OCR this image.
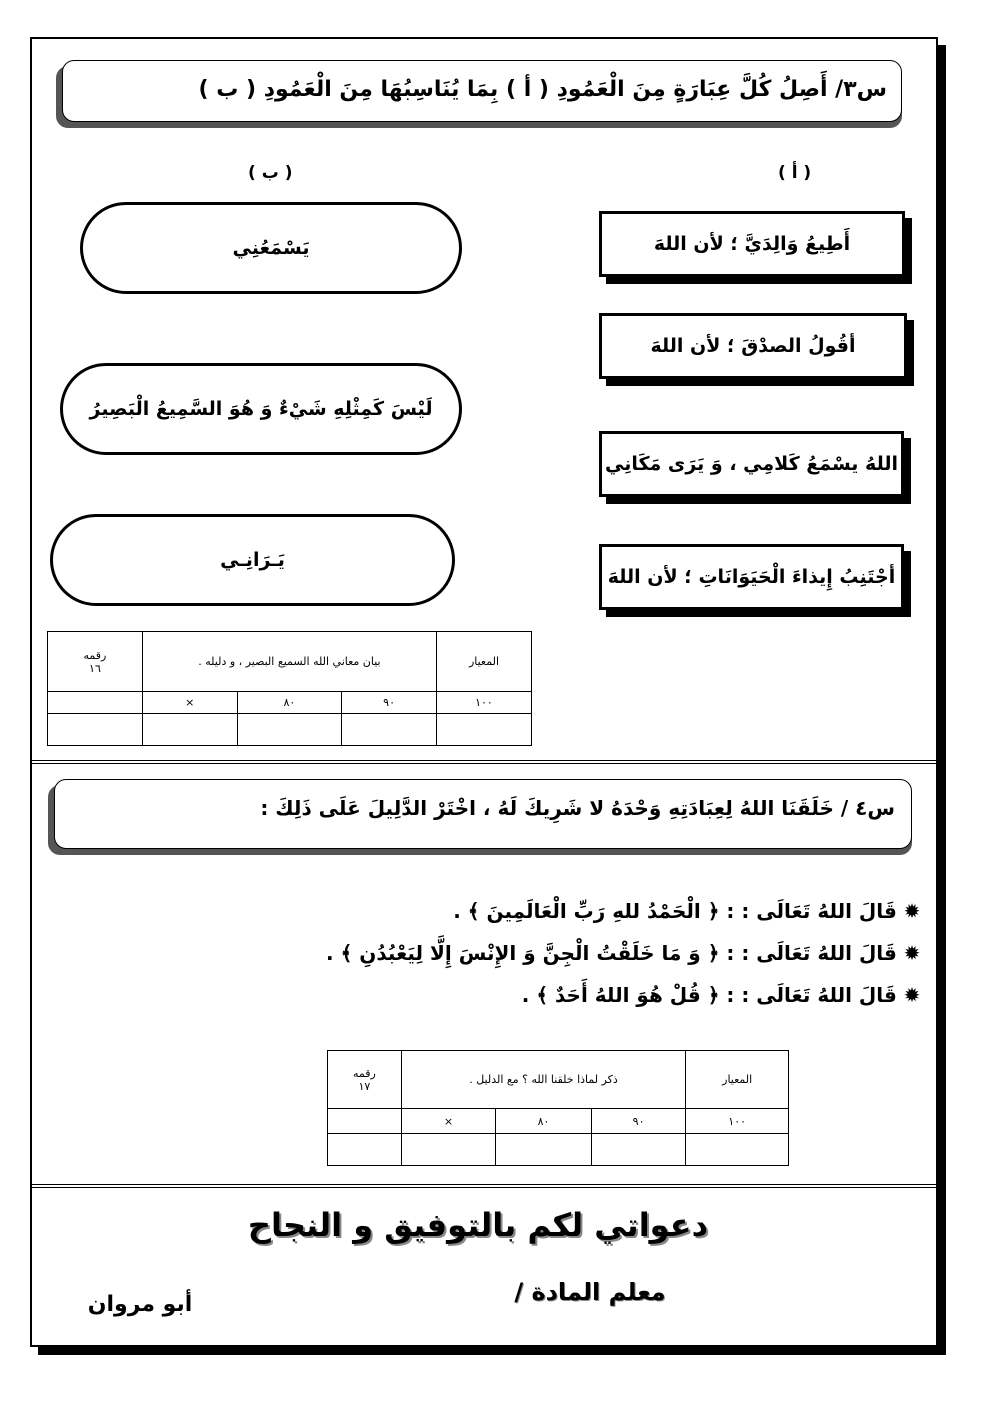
س٣/ أَصِلُ كُلَّ عِبَارَةٍ مِنَ الْعَمُودِ ( أ ) بِمَا يُنَاسِبُهَا مِنَ الْعَمُودِ ( ب )
( أ )
( ب )
أَطِيعُ وَالِدَيَّ ؛ لأن اللهَ
أقُولُ الصدْقَ ؛ لأن اللهَ
اللهُ يسْمَعُ كَلامِي ، وَ يَرَى مَكَانِي
أجْتَنِبُ إِيذاءَ الْحَيَوَانَاتِ ؛ لأن اللهَ
يَسْمَعُنِي
لَيْسَ كَمِثْلِهِ شَيْءٌ وَ هُوَ السَّمِيعُ الْبَصِيرُ
يَـرَانِـي
رقمه
١٦	بيان معاني الله السميع البصير ، و دليله .			المعيار
	×	٨٠	٩٠	١٠٠

س٤ / خَلَقَنَا اللهُ لِعِبَادَتِهِ وَحْدَهُ لا شَرِيكَ لَهُ ، اخْتَرْ الدَّلِيلَ عَلَى ذَلِكَ :
✹ قَالَ اللهُ تَعَالَى : : ﴿ الْحَمْدُ للهِ رَبِّ الْعَالَمِينَ ﴾ .
✹ قَالَ اللهُ تَعَالَى : : ﴿ وَ مَا خَلَقْتُ الْجِنَّ وَ الإِنْسَ إِلَّا لِيَعْبُدُنِ ﴾ .
✹ قَالَ اللهُ تَعَالَى : : ﴿ قُلْ هُوَ اللهُ أَحَدٌ ﴾ .
رقمه
١٧	ذكر لماذا خلقنا الله ؟ مع الدليل .			المعيار
	×	٨٠	٩٠	١٠٠

دعواتي لكم بالتوفيق و النجاح
معلم المادة /
أبو مروان
